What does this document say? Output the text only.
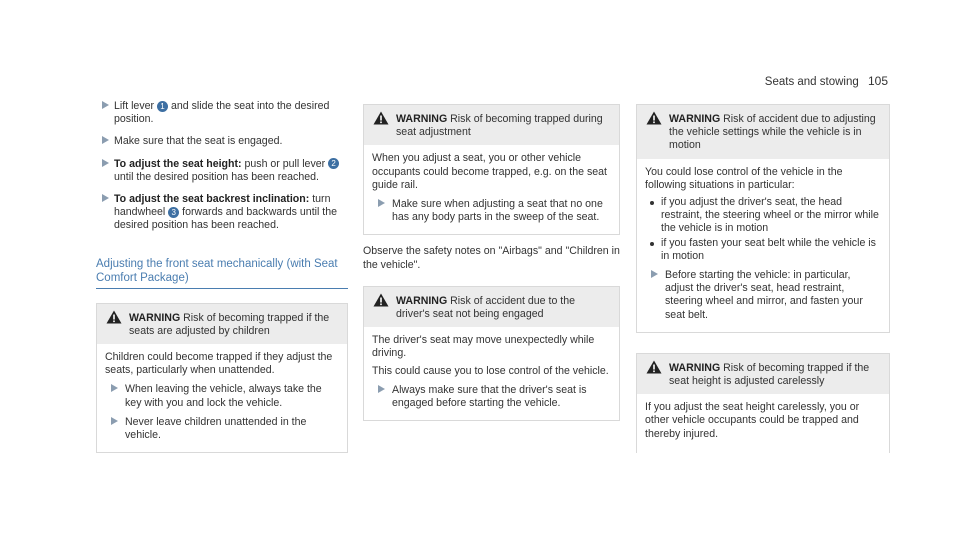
Seats and stowing 105
Lift lever 1 and slide the seat into the desired position.
Make sure that the seat is engaged.
To adjust the seat height: push or pull lever 2 until the desired position has been reached.
To adjust the seat backrest inclination: turn handwheel 3 forwards and backwards until the desired position has been reached.
Adjusting the front seat mechanically (with Seat Comfort Package)
WARNING Risk of becoming trapped if the seats are adjusted by children

Children could become trapped if they adjust the seats, particularly when unattended.

When leaving the vehicle, always take the key with you and lock the vehicle.
Never leave children unattended in the vehicle.
WARNING Risk of becoming trapped during seat adjustment

When you adjust a seat, you or other vehicle occupants could become trapped, e.g. on the seat guide rail.

Make sure when adjusting a seat that no one has any body parts in the sweep of the seat.

Observe the safety notes on "Airbags" and "Children in the vehicle".

WARNING Risk of accident due to the driver's seat not being engaged

The driver's seat may move unexpectedly while driving.

This could cause you to lose control of the vehicle.

Always make sure that the driver's seat is engaged before starting the vehicle.
WARNING Risk of accident due to adjusting the vehicle settings while the vehicle is in motion

You could lose control of the vehicle in the following situations in particular:

if you adjust the driver's seat, the head restraint, the steering wheel or the mirror while the vehicle is in motion
if you fasten your seat belt while the vehicle is in motion
Before starting the vehicle: in particular, adjust the driver's seat, head restraint, steering wheel and mirror, and fasten your seat belt.
WARNING Risk of becoming trapped if the seat height is adjusted carelessly

If you adjust the seat height carelessly, you or other vehicle occupants could be trapped and thereby injured.
